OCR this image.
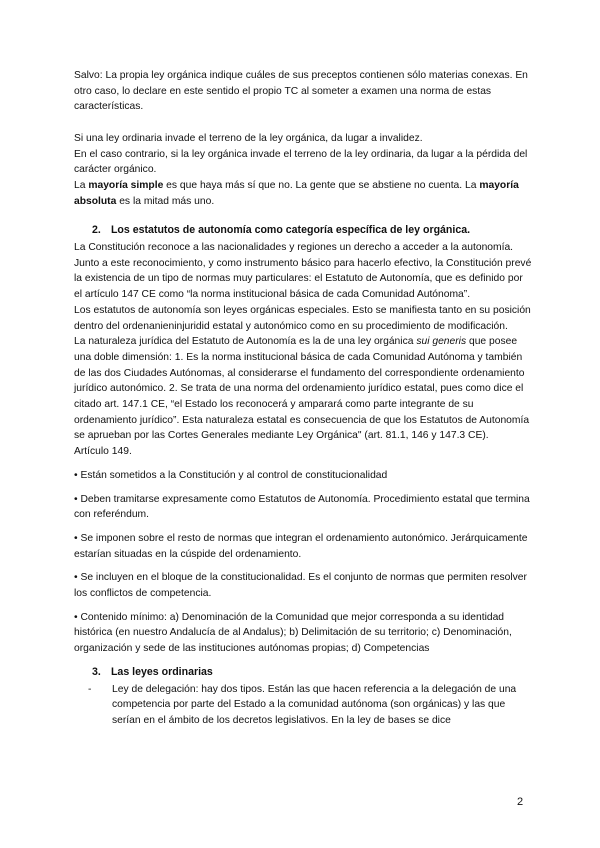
Salvo: La propia ley orgánica indique cuáles de sus preceptos contienen sólo materias conexas. En otro caso, lo declare en este sentido el propio TC al someter a examen una norma de estas características.

Si una ley ordinaria invade el terreno de la ley orgánica, da lugar a invalidez.

En el caso contrario, si la ley orgánica invade el terreno de la ley ordinaria, da lugar a la pérdida del carácter orgánico.

La mayoría simple es que haya más sí que no. La gente que se abstiene no cuenta. La mayoría absoluta es la mitad más uno.

2. Los estatutos de autonomía como categoría específica de ley orgánica.

La Constitución reconoce a las nacionalidades y regiones un derecho a acceder a la autonomía. Junto a este reconocimiento, y como instrumento básico para hacerlo efectivo, la Constitución prevé la existencia de un tipo de normas muy particulares: el Estatuto de Autonomía, que es definido por el artículo 147 CE como “la norma institucional básica de cada Comunidad Autónoma”.

Los estatutos de autonomía son leyes orgánicas especiales. Esto se manifiesta tanto en su posición dentro del ordenanieninjuridid estatal y autonómico como en su procedimiento de modificación.

La naturaleza jurídica del Estatuto de Autonomía es la de una ley orgánica sui generis que posee una doble dimensión: 1. Es la norma institucional básica de cada Comunidad Autónoma y también de las dos Ciudades Autónomas, al considerarse el fundamento del correspondiente ordenamiento jurídico autonómico. 2. Se trata de una norma del ordenamiento jurídico estatal, pues como dice el citado art. 147.1 CE, “el Estado los reconocerá y amparará como parte integrante de su ordenamiento jurídico”. Esta naturaleza estatal es consecuencia de que los Estatutos de Autonomía se aprueban por las Cortes Generales mediante Ley Orgánica" (art. 81.1, 146 y 147.3 CE).

Artículo 149.

• Están sometidos a la Constitución y al control de constitucionalidad

• Deben tramitarse expresamente como Estatutos de Autonomía. Procedimiento estatal que termina con referéndum.

• Se imponen sobre el resto de normas que integran el ordenamiento autonómico. Jerárquicamente estarían situadas en la cúspide del ordenamiento.

• Se incluyen en el bloque de la constitucionalidad. Es el conjunto de normas que permiten resolver los conflictos de competencia.

• Contenido mínimo: a) Denominación de la Comunidad que mejor corresponda a su identidad histórica (en nuestro Andalucía de al Andalus); b) Delimitación de su territorio; c) Denominación, organización y sede de las instituciones autónomas propias; d) Competencias

3. Las leyes ordinarias
-	Ley de delegación: hay dos tipos. Están las que hacen referencia a la delegación de una competencia por parte del Estado a la comunidad autónoma (son orgánicas) y las que serían en el ámbito de los decretos legislativos. En la ley de bases se dice
2
